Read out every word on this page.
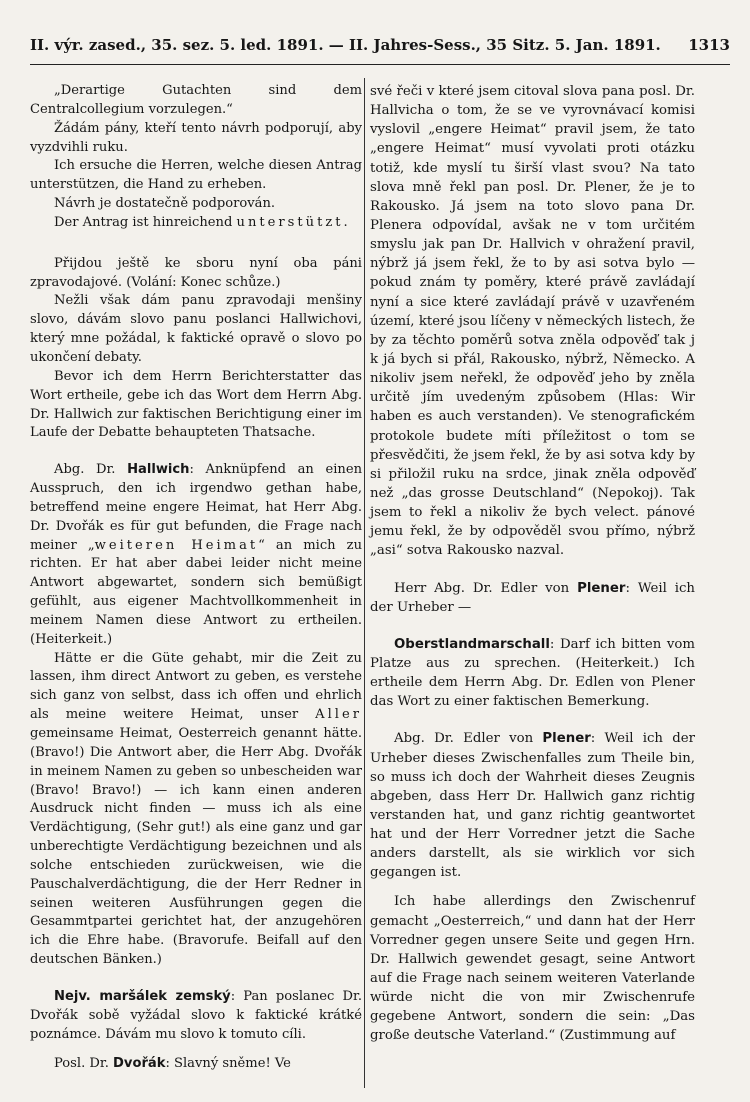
II. výr. zased., 35. sez. 5. led. 1891. — II. Jahres-Sess., 35 Sitz. 5. Jan. 1891. 1313

„Derartige Gutachten sind dem Centralcollegium vorzulegen.“

Žádám pány, kteří tento návrh podporují, aby vyzdvihli ruku.

Ich ersuche die Herren, welche diesen Antrag unterstützen, die Hand zu erheben.

Návrh je dostatečně podporován.

Der Antrag ist hinreichend unterstützt.

Přijdou ještě ke sboru nyní oba páni zpravodajové. (Volání: Konec schůze.)

Nežli však dám panu zpravodaji menšiny slovo, dávám slovo panu poslanci Hallwichovi, který mne požádal, k faktické opravě o slovo po ukončení debaty.

Bevor ich dem Herrn Berichterstatter das Wort ertheile, gebe ich das Wort dem Herrn Abg. Dr. Hallwich zur faktischen Berichtigung einer im Laufe der Debatte behaupteten Thatsache.

Abg. Dr. Hallwich: Anknüpfend an einen Ausspruch, den ich irgendwo gethan habe, betreffend meine engere Heimat, hat Herr Abg. Dr. Dvořák es für gut befunden, die Frage nach meiner „weiteren Heimat“ an mich zu richten. Er hat aber dabei leider nicht meine Antwort abgewartet, sondern sich bemüßigt gefühlt, aus eigener Machtvollkommenheit in meinem Namen diese Antwort zu ertheilen. (Heiterkeit.)

Hätte er die Güte gehabt, mir die Zeit zu lassen, ihm direct Antwort zu geben, es verstehe sich ganz von selbst, dass ich offen und ehrlich als meine weitere Heimat, unser Aller gemeinsame Heimat, Oesterreich genannt hätte. (Bravo!) Die Antwort aber, die Herr Abg. Dvořák in meinem Namen zu geben so unbescheiden war (Bravo! Bravo!) — ich kann einen anderen Ausdruck nicht finden — muss ich als eine Verdächtigung, (Sehr gut!) als eine ganz und gar unberechtigte Verdächtigung bezeichnen und als solche entschieden zurückweisen, wie die Pauschalverdächtigung, die der Herr Redner in seinen weiteren Ausführungen gegen die Gesammtpartei gerichtet hat, der anzugehören ich die Ehre habe. (Bravorufe. Beifall auf den deutschen Bänken.)

Nejv. maršálek zemský: Pan poslanec Dr. Dvořák sobě vyžádal slovo k faktické krátké poznámce. Dávám mu slovo k tomuto cíli.

Posl. Dr. Dvořák: Slavný sněme! Ve

své řeči v které jsem citoval slova pana posl. Dr. Hallvicha o tom, že se ve vyrovnávací komisi vyslovil „engere Heimat“ pravil jsem, že tato „engere Heimat“ musí vyvolati proti otázku totiž, kde myslí tu širší vlast svou? Na tato slova mně řekl pan posl. Dr. Plener, že je to Rakousko. Já jsem na toto slovo pana Dr. Plenera odpovídal, avšak ne v tom určitém smyslu jak pan Dr. Hallvich v ohražení pravil, nýbrž já jsem řekl, že to by asi sotva bylo — pokud znám ty poměry, které právě zavládají nyní a sice které zavládají právě v uzavřeném území, které jsou líčeny v německých listech, že by za těchto poměrů sotva zněla odpověď tak j k já bych si přál, Rakousko, nýbrž, Německo. A nikoliv jsem neřekl, že odpověď jeho by zněla určitě jím uvedeným způsobem (Hlas: Wir haben es auch verstanden). Ve stenografickém protokole budete míti příležitost o tom se přesvědčiti, že jsem řekl, že by asi sotva kdy by si přiložil ruku na srdce, jinak zněla odpověď než „das grosse Deutschland“ (Nepokoj). Tak jsem to řekl a nikoliv že bych velect. pánové jemu řekl, že by odpověděl svou přímo, nýbrž „asi“ sotva Rakousko nazval.

Herr Abg. Dr. Edler von Plener: Weil ich der Urheber —

Oberstlandmarschall: Darf ich bitten vom Platze aus zu sprechen. (Heiterkeit.) Ich ertheile dem Herrn Abg. Dr. Edlen von Plener das Wort zu einer faktischen Bemerkung.

Abg. Dr. Edler von Plener: Weil ich der Urheber dieses Zwischenfalles zum Theile bin, so muss ich doch der Wahrheit dieses Zeugnis abgeben, dass Herr Dr. Hallwich ganz richtig verstanden hat, und ganz richtig geantwortet hat und der Herr Vorredner jetzt die Sache anders darstellt, als sie wirklich vor sich gegangen ist.

Ich habe allerdings den Zwischenruf gemacht „Oesterreich,“ und dann hat der Herr Vorredner gegen unsere Seite und gegen Hrn. Dr. Hallwich gewendet gesagt, seine Antwort auf die Frage nach seinem weiteren Vaterlande würde nicht die von mir Zwischenrufe gegebene Antwort, sondern die sein: „Das große deutsche Vaterland.“ (Zustimmung auf
